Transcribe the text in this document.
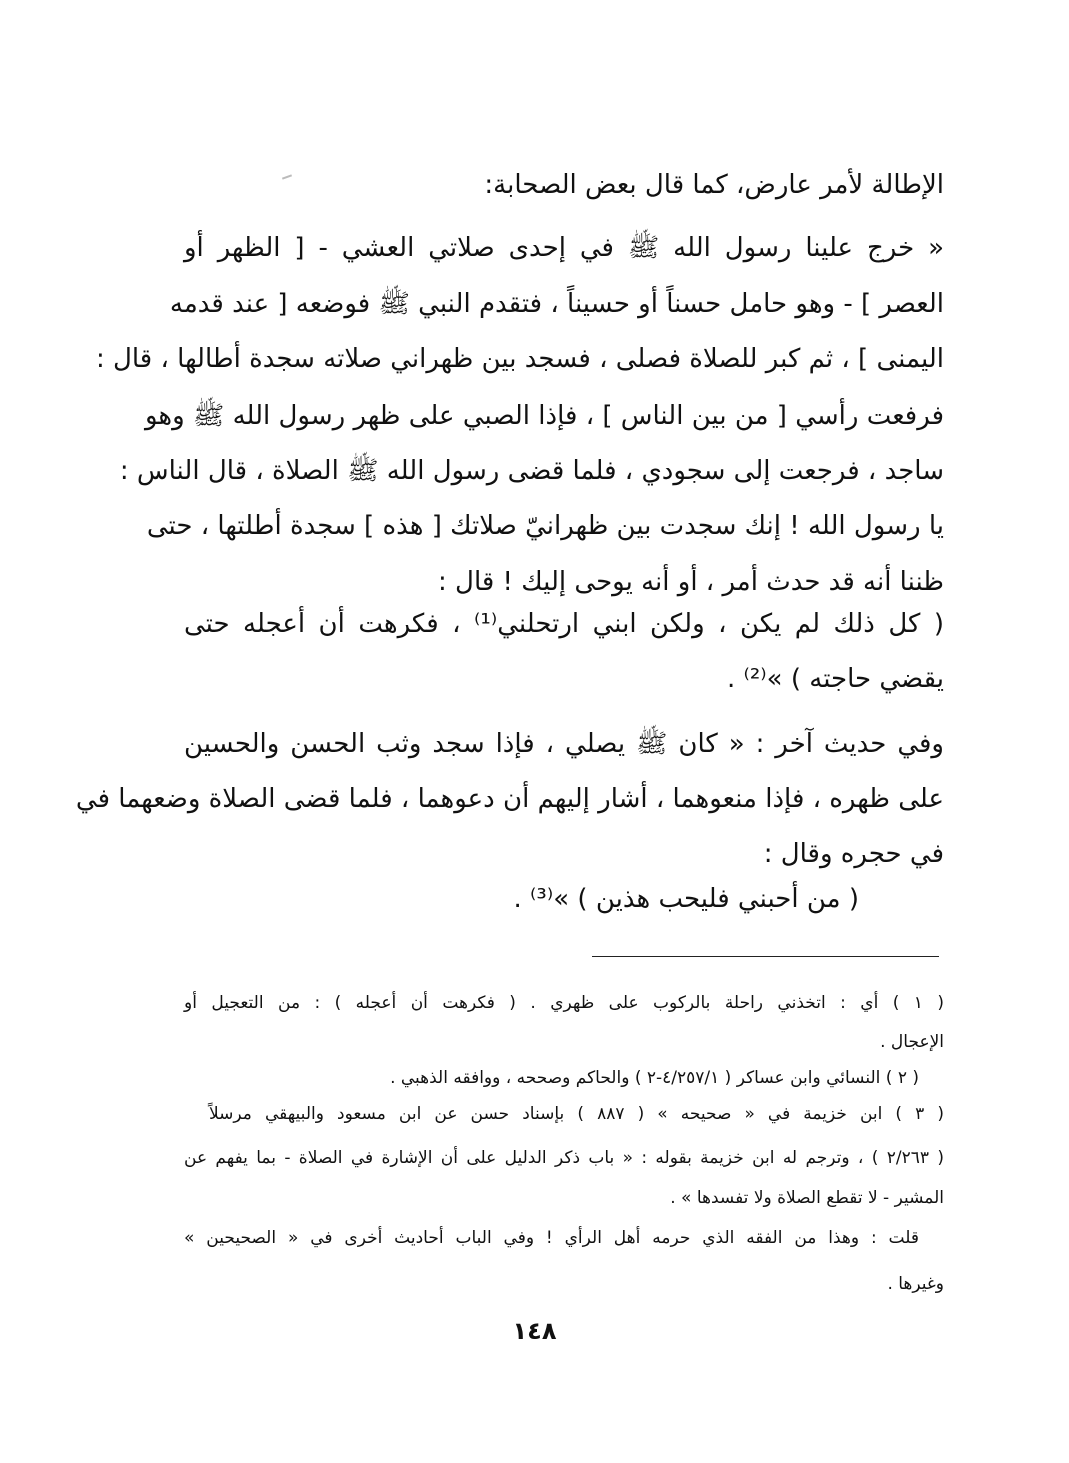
الإطالة لأمر عارض، كما قال بعض الصحابة:
« خرج علينا رسول الله ﷺ في إحدى صلاتي العشي - [ الظهر أو
العصر ] - وهو حامل حسناً أو حسيناً ، فتقدم النبي ﷺ فوضعه [ عند قدمه
اليمنى ] ، ثم كبر للصلاة فصلى ، فسجد بين ظهراني صلاته سجدة أطالها ، قال :
فرفعت رأسي [ من بين الناس ] ، فإذا الصبي على ظهر رسول الله ﷺ وهو
ساجد ، فرجعت إلى سجودي ، فلما قضى رسول الله ﷺ الصلاة ، قال الناس :
يا رسول الله ! إنك سجدت بين ظهرانيّ صلاتك [ هذه ] سجدة أطلتها ، حتى
ظننا أنه قد حدث أمر ، أو أنه يوحى إليك ! قال :
( كل ذلك لم يكن ، ولكن ابني ارتحلني⁽¹⁾ ، فكرهت أن أعجله حتى
يقضي حاجته ) »⁽²⁾ .
وفي حديث آخر : « كان ﷺ يصلي ، فإذا سجد وثب الحسن والحسين
على ظهره ، فإذا منعوهما ، أشار إليهم أن دعوهما ، فلما قضى الصلاة وضعهما في
في حجره وقال :
( من أحبني فليحب هذين ) »⁽³⁾ .
( ١ ) أي : اتخذني راحلة بالركوب على ظهري . ( فكرهت أن أعجله ) : من التعجيل أو
الإعجال .
( ٢ ) النسائي وابن عساكر ( ٤/٢٥٧/١-٢ ) والحاكم وصححه ، ووافقه الذهبي .
( ٣ ) ابن خزيمة في « صحيحه » ( ٨٨٧ ) بإسناد حسن عن ابن مسعود والبيهقي مرسلاً
( ٢/٢٦٣ ) ، وترجم له ابن خزيمة بقوله : « باب ذكر الدليل على أن الإشارة في الصلاة - بما يفهم عن
المشير - لا تقطع الصلاة ولا تفسدها » .
قلت : وهذا من الفقه الذي حرمه أهل الرأي ! وفي الباب أحاديث أخرى في « الصحيحين »
وغيرها .
١٤٨
